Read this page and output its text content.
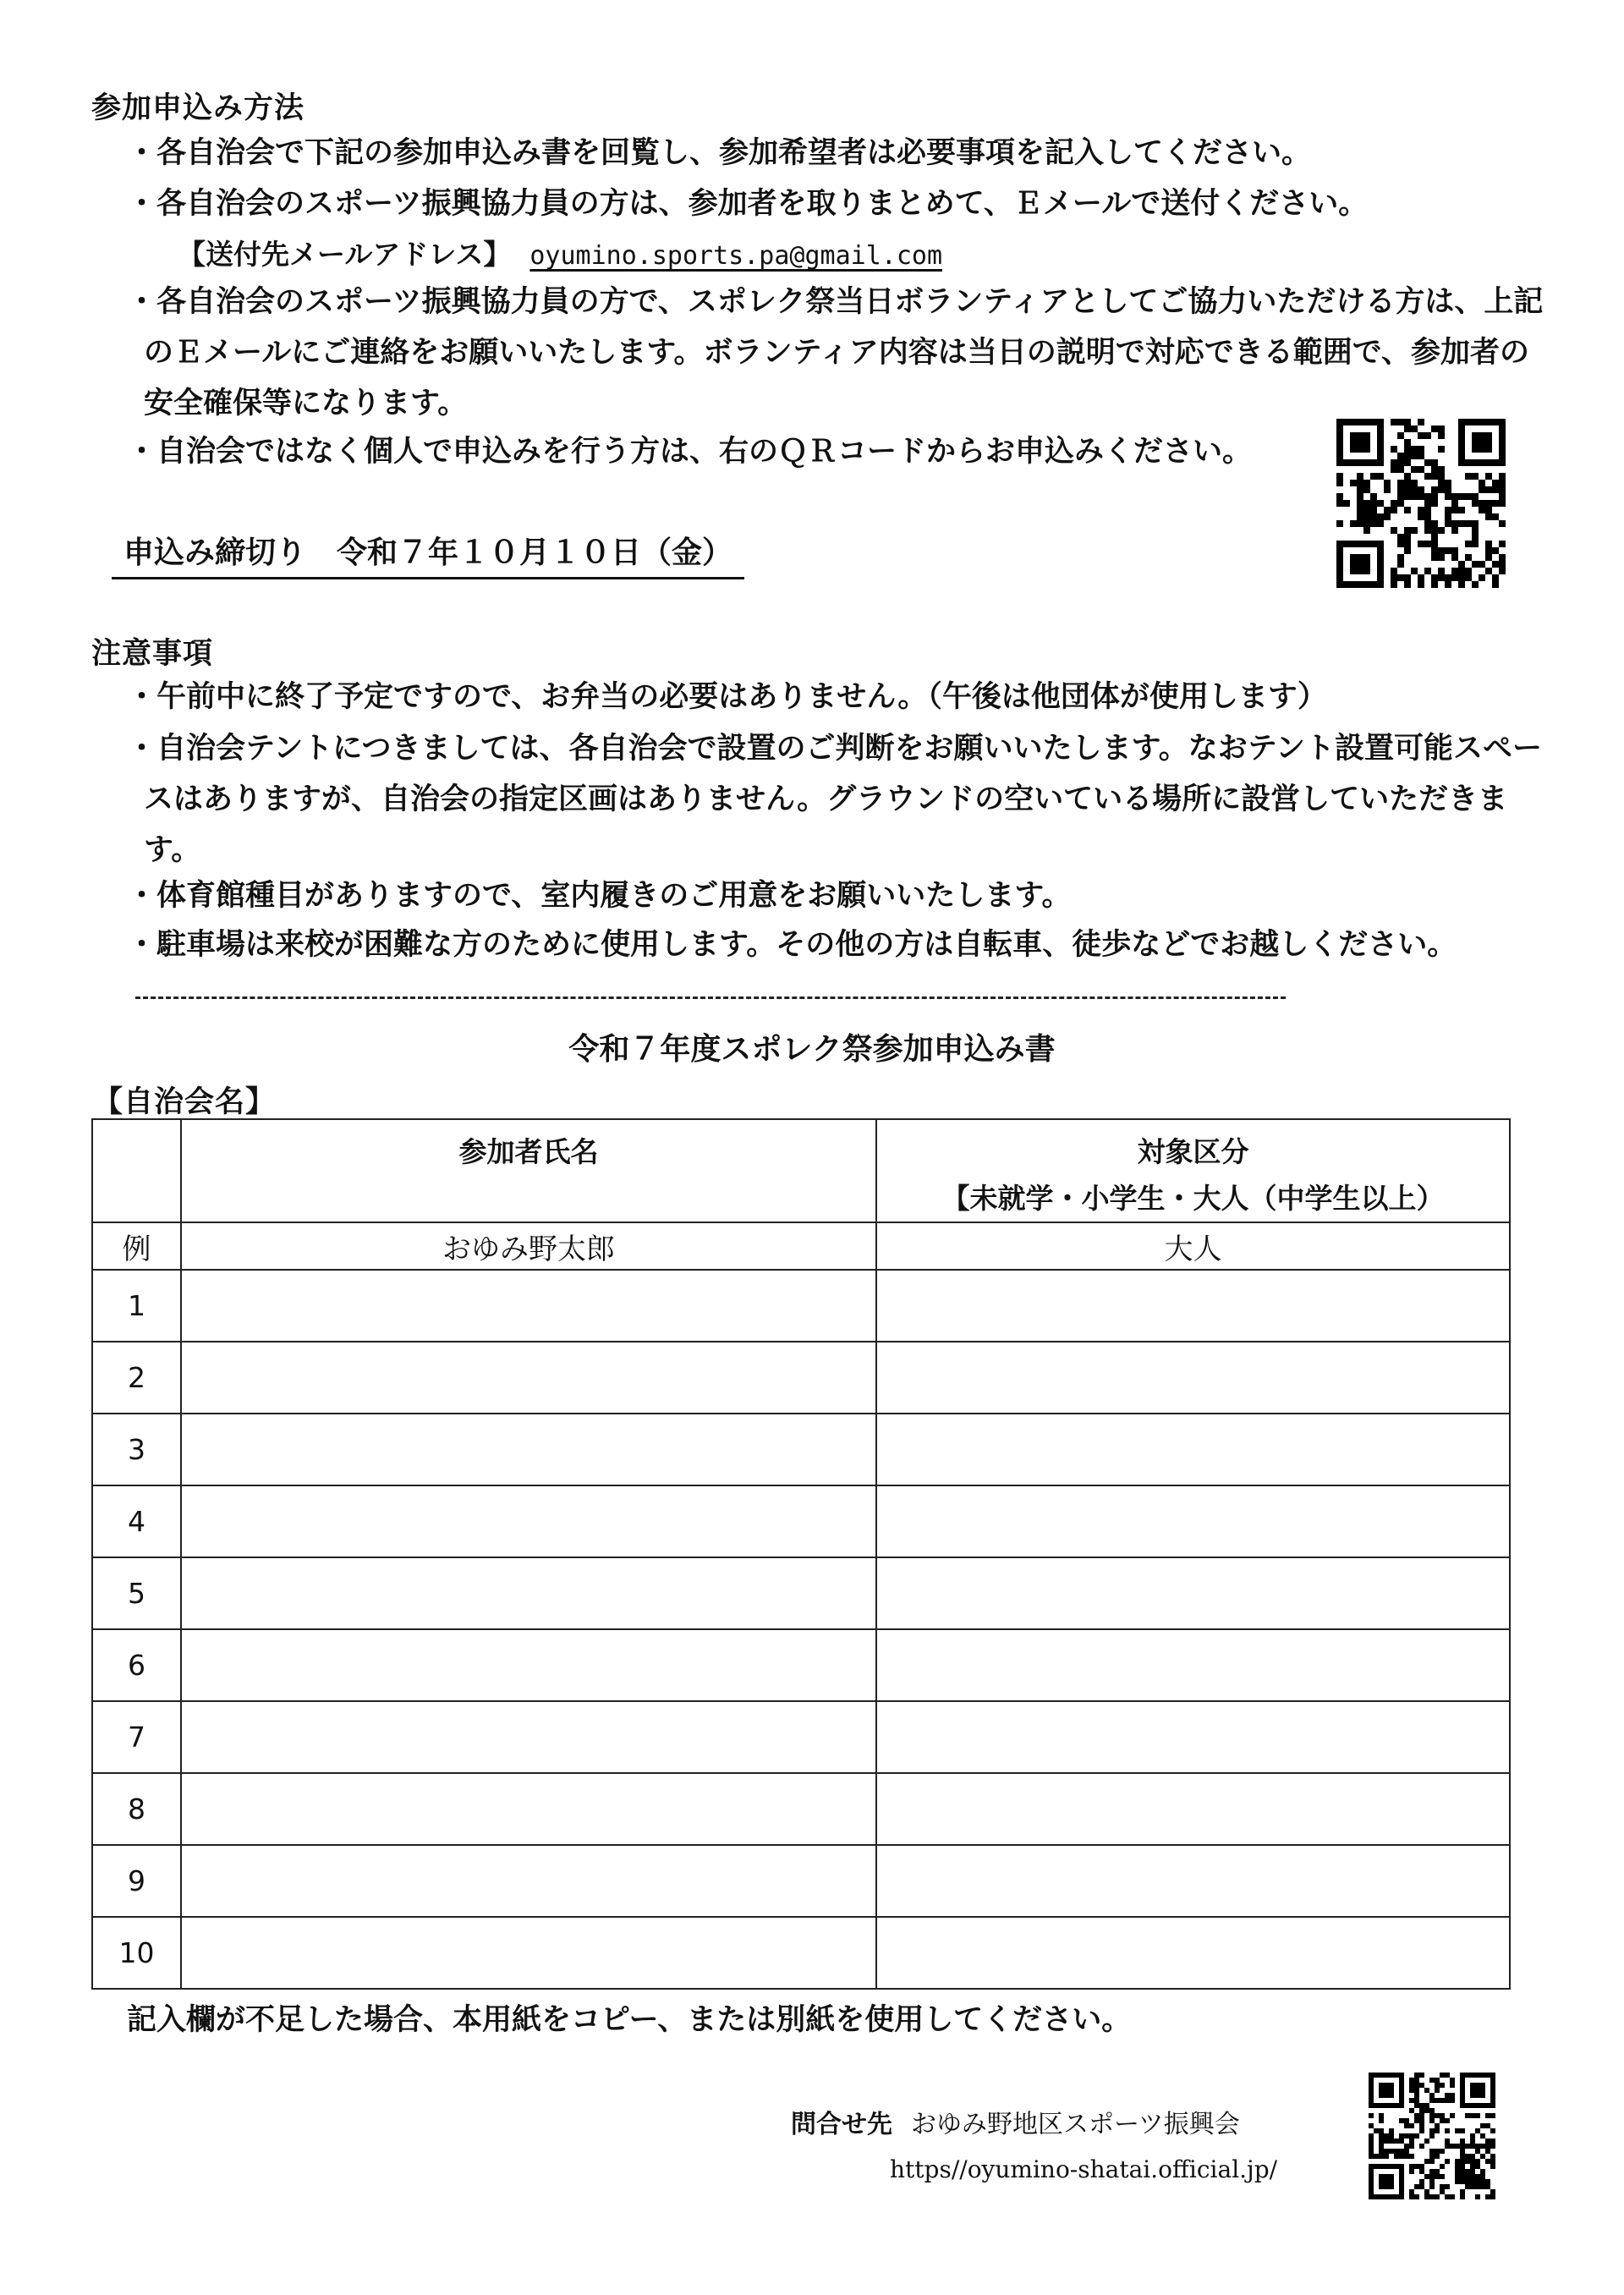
参加申込み方法
・各自治会で下記の参加申込み書を回覧し、参加希望者は必要事項を記入してください。
・各自治会のスポーツ振興協力員の方は、参加者を取りまとめて、Ｅメールで送付ください。
【送付先メールアドレス】 oyumino.sports.pa@gmail.com
・各自治会のスポーツ振興協力員の方で、スポレク祭当日ボランティアとしてご協力いただける方は、上記のＥメールにご連絡をお願いいたします。ボランティア内容は当日の説明で対応できる範囲で、参加者の安全確保等になります。
・自治会ではなく個人で申込みを行う方は、右のＱＲコードからお申込みください。
申込み締切り　令和７年１０月１０日（金）
注意事項
・午前中に終了予定ですので、お弁当の必要はありません。（午後は他団体が使用します）
・自治会テントにつきましては、各自治会で設置のご判断をお願いいたします。なおテント設置可能スペースはありますが、自治会の指定区画はありません。グラウンドの空いている場所に設営していただきます。
・体育館種目がありますので、室内履きのご用意をお願いいたします。
・駐車場は来校が困難な方のために使用します。その他の方は自転車、徒歩などでお越しください。
令和７年度スポレク祭参加申込み書
【自治会名】
	参加者氏名	対象区分
【未就学・小学生・大人（中学生以上）

例	おゆみ野太郎	大人
1		
2		
3		
4		
5		
6		
7		
8		
9		
10		
記入欄が不足した場合、本用紙をコピー、または別紙を使用してください。
問合せ先 おゆみ野地区スポーツ振興会
https//oyumino-shatai.official.jp/
